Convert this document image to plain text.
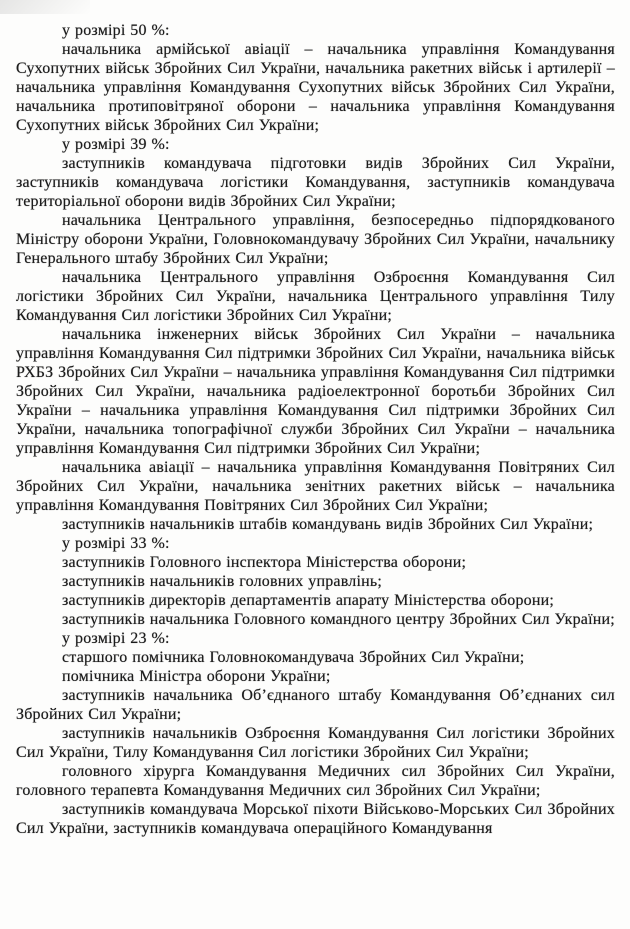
у розмірі 50 %:

начальника армійської авіації – начальника управління Командування Сухопутних військ Збройних Сил України, начальника ракетних військ і артилерії – начальника управління Командування Сухопутних військ Збройних Сил України, начальника протиповітряної оборони – начальника управління Командування Сухопутних військ Збройних Сил України;

у розмірі 39 %:

заступників командувача підготовки видів Збройних Сил України, заступників командувача логістики Командування, заступників командувача територіальної оборони видів Збройних Сил України;

начальника Центрального управління, безпосередньо підпорядкованого Міністру оборони України, Головнокомандувачу Збройних Сил України, начальнику Генерального штабу Збройних Сил України;

начальника Центрального управління Озброєння Командування Сил логістики Збройних Сил України, начальника Центрального управління Тилу Командування Сил логістики Збройних Сил України;

начальника інженерних військ Збройних Сил України – начальника управління Командування Сил підтримки Збройних Сил України, начальника військ РХБЗ Збройних Сил України – начальника управління Командування Сил підтримки Збройних Сил України, начальника радіоелектронної боротьби Збройних Сил України – начальника управління Командування Сил підтримки Збройних Сил України, начальника топографічної служби Збройних Сил України – начальника управління Командування Сил підтримки Збройних Сил України;

начальника авіації – начальника управління Командування Повітряних Сил Збройних Сил України, начальника зенітних ракетних військ – начальника управління Командування Повітряних Сил Збройних Сил України;

заступників начальників штабів командувань видів Збройних Сил України;

у розмірі 33 %:

заступників Головного інспектора Міністерства оборони;

заступників начальників головних управлінь;

заступників директорів департаментів апарату Міністерства оборони;

заступників начальника Головного командного центру Збройних Сил України;

у розмірі 23 %:

старшого помічника Головнокомандувача Збройних Сил України;

помічника Міністра оборони України;

заступників начальника Об’єднаного штабу Командування Об’єднаних сил Збройних Сил України;

заступників начальників Озброєння Командування Сил логістики Збройних Сил України, Тилу Командування Сил логістики Збройних Сил України;

головного хірурга Командування Медичних сил Збройних Сил України, головного терапевта Командування Медичних сил Збройних Сил України;

заступників командувача Морської піхоти Військово-Морських Сил Збройних Сил України, заступників командувача операційного Командування
